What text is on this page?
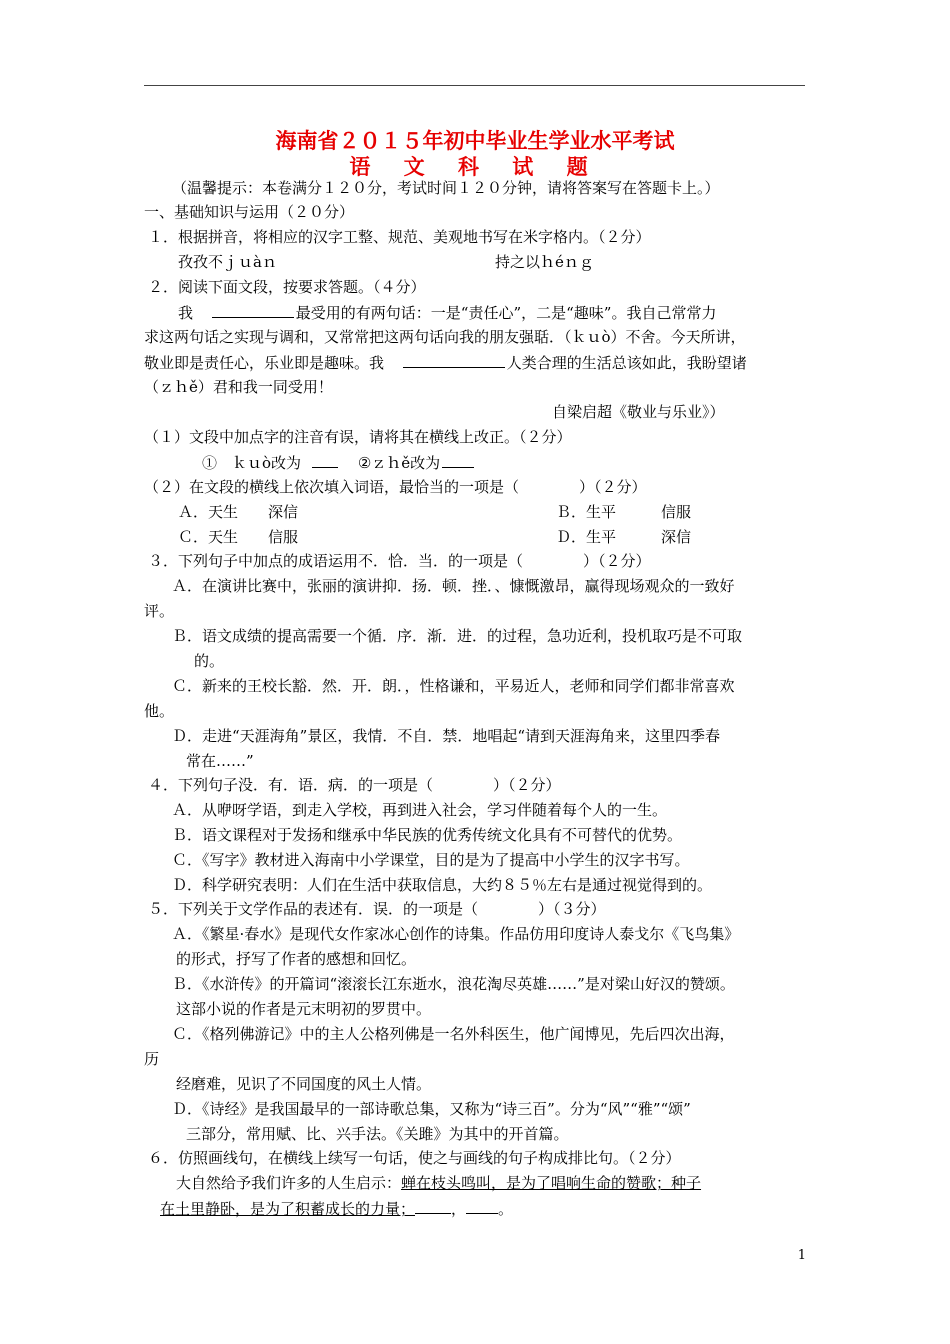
海南省２０１５年初中毕业生学业水平考试
语 文 科 试 题
（温馨提示：本卷满分１２０分，考试时间１２０分钟，请将答案写在答题卡上。）
一、基础知识与运用（２０分）
１．根据拼音，将相应的汉字工整、规范、美观地书写在米字格内。（２分）
孜孜不ｊｕàｎ	持之以ｈéｎｇ
２．阅读下面文段，按要求答题。（４分）
我	最受用的有两句话：一是“责任心”，二是“趣味”。我自己常常力
求这两句话之实现与调和，又常常把这两句话向我的朋友强聒．（ｋｕò）不舍。今天所讲，
敬业即是责任心，乐业即是趣味。我	人类合理的生活总该如此，我盼望诸
（ｚｈě）君和我一同受用！
自梁启超《敬业与乐业》）
（１）文段中加点字的注音有误，请将其在横线上改正。（２分）
①　ｋｕò改为	②ｚｈě改为
（２）在文段的横线上依次填入词语，最恰当的一项是（　　　　）（２分）
Ａ．天生　　深信	Ｂ．生平　　　信服
Ｃ．天生　　信服	Ｄ．生平　　　深信
３．下列句子中加点的成语运用不．恰．当．的一项是（　　　　）（２分）
Ａ．在演讲比赛中，张丽的演讲抑．扬．顿．挫．、慷慨激昂，赢得现场观众的一致好
评。
Ｂ．语文成绩的提高需要一个循．序．渐．进．的过程，急功近利，投机取巧是不可取
的。
Ｃ．新来的王校长豁．然．开．朗．，性格谦和，平易近人，老师和同学们都非常喜欢
他。
Ｄ．走进“天涯海角”景区，我情．不自．禁．地唱起“请到天涯海角来，这里四季春
常在……”
４．下列句子没．有．语．病．的一项是（　　　　）（２分）
Ａ．从咿呀学语，到走入学校，再到进入社会，学习伴随着每个人的一生。
Ｂ．语文课程对于发扬和继承中华民族的优秀传统文化具有不可替代的优势。
Ｃ．《写字》教材进入海南中小学课堂，目的是为了提高中小学生的汉字书写。
Ｄ．科学研究表明：人们在生活中获取信息，大约８５％左右是通过视觉得到的。
５．下列关于文学作品的表述有．误．的一项是（　　　　）（３分）
Ａ．《繁星·春水》是现代女作家冰心创作的诗集。作品仿用印度诗人泰戈尔《飞鸟集》
的形式，抒写了作者的感想和回忆。
Ｂ．《水浒传》的开篇词“滚滚长江东逝水，浪花淘尽英雄……”是对梁山好汉的赞颂。
这部小说的作者是元末明初的罗贯中。
Ｃ．《格列佛游记》中的主人公格列佛是一名外科医生，他广闻博见，先后四次出海，
历
经磨难，见识了不同国度的风土人情。
Ｄ．《诗经》是我国最早的一部诗歌总集，又称为“诗三百”。分为“风”“雅”“颂”
三部分，常用赋、比、兴手法。《关雎》为其中的开首篇。
６．仿照画线句，在横线上续写一句话，使之与画线的句子构成排比句。（２分）
大自然给予我们许多的人生启示：蝉在枝头鸣叫，是为了唱响生命的赞歌；种子
在土里静卧，是为了积蓄成长的力量； ， 。
1
